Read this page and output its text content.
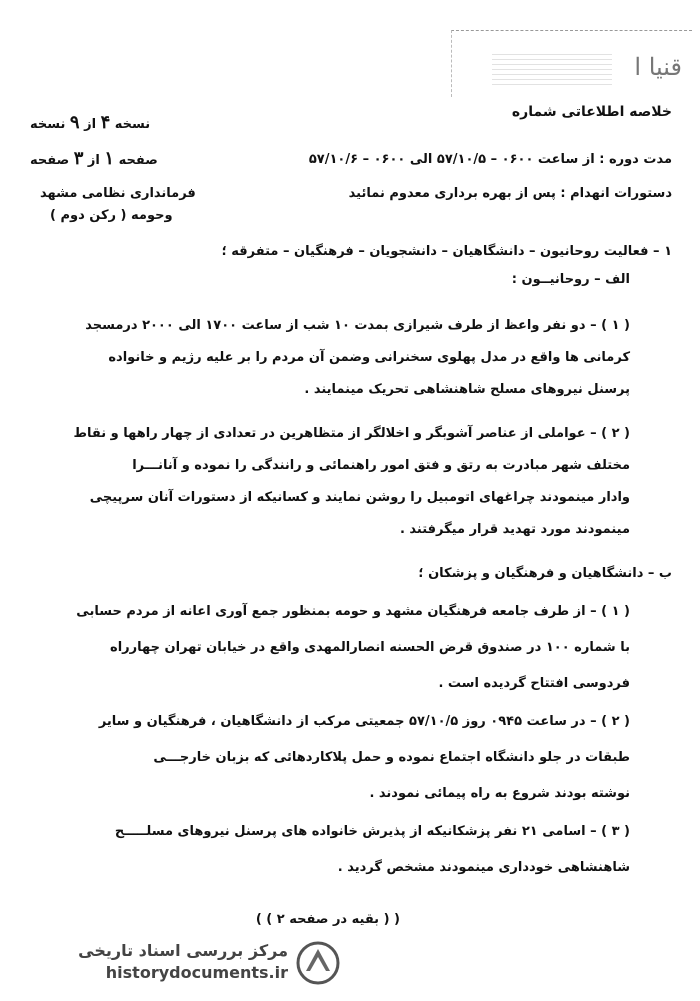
ﻗﻨﯿﺎ ﺍ
خلاصه اطلاعاتی شماره
نسخه ۴ از ۹ نسخه
صفحه ۱ از ۳ صفحه	مدت دوره : از ساعت ۰۶۰۰ – ۵۷/۱۰/۵ الی ۰۶۰۰ – ۵۷/۱۰/۶
دستورات انهدام : پس از بهره برداری معدوم نمائید
فرمانداری نظامی مشهد
وحومه ( رکن دوم )
۱ – فعالیت روحانیون – دانشگاهیان – دانشجویان – فرهنگیان – متفرقه ؛
الف – روحانیــون :
( ۱ ) – دو نفر واعظ از طرف شیرازی بمدت ۱۰ شب از ساعت ۱۷۰۰ الی ۲۰۰۰ درمسجد
کرمانی ها واقع در مدل پهلوی سخنرانی وضمن آن مردم را بر علیه رژیم و خانواده
پرسنل نیروهای مسلح شاهنشاهی تحریک مینمایند .
( ۲ ) – عواملی از عناصر آشوبگر و اخلالگر از متظاهرین در تعدادی از چهار راهها و نقاط
مختلف شهر مبادرت به رتق و فتق امور راهنمائی و رانندگی را نموده و آنانـــرا
وادار مینمودند چراغهای اتومبیل را روشن نمایند و کسانیکه از دستورات آنان سرپیچی
مینمودند مورد تهدید قرار میگرفتند .
ب – دانشگاهیان و فرهنگیان و پزشکان ؛
( ۱ ) – از طرف جامعه فرهنگیان مشهد و حومه بمنظور جمع آوری اعانه از مردم حسابی
با شماره ۱۰۰ در صندوق قرض الحسنه انصارالمهدی واقع در خیابان تهران چهارراه
فردوسی افتتاح گردیده است .
( ۲ ) – در ساعت ۰۹۴۵ روز ۵۷/۱۰/۵ جمعیتی مرکب از دانشگاهیان ، فرهنگیان و سایر
طبقات در جلو دانشگاه اجتماع نموده و حمل پلاکاردهائی که بزبان خارجـــی
نوشته بودند شروع به راه پیمائی نمودند .
( ۳ ) – اسامی ۲۱ نفر پزشکانیکه از پذیرش خانواده های پرسنل نیروهای مسلـــــح
شاهنشاهی خودداری مینمودند مشخص گردید .
( ( بقیه در صفحه ۲ ) )
مرکز بررسی اسناد تاریخی
historydocuments.ir
